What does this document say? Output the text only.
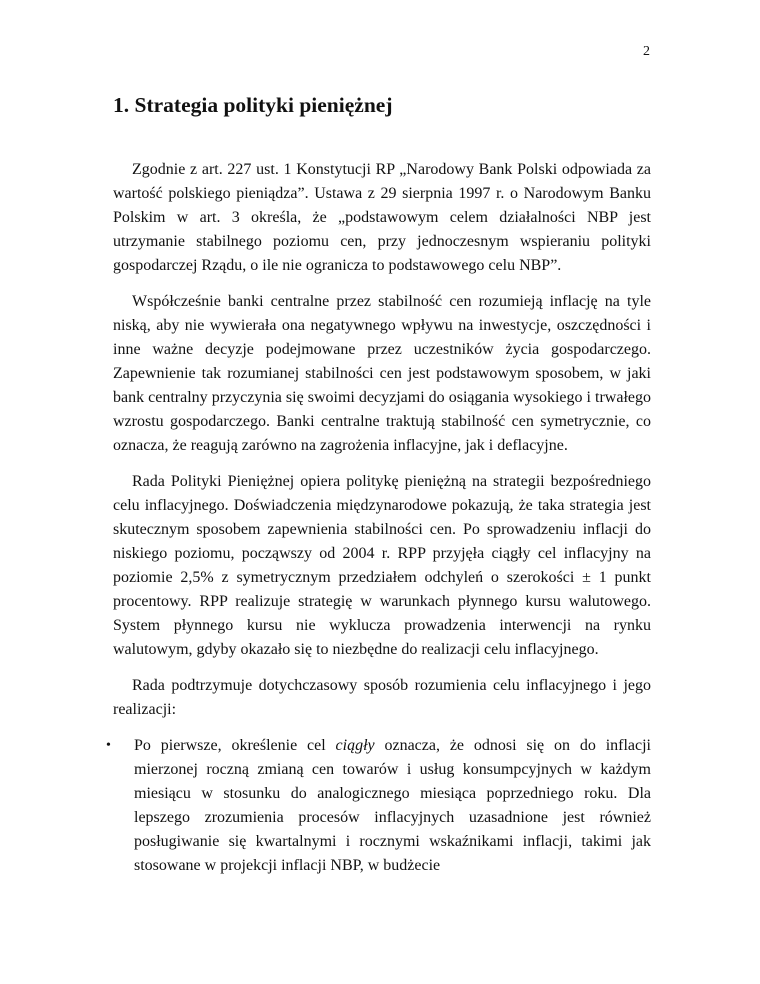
2
1. Strategia polityki pieniężnej

Zgodnie z art. 227 ust. 1 Konstytucji RP „Narodowy Bank Polski odpowiada za wartość polskiego pieniądza”. Ustawa z 29 sierpnia 1997 r. o Narodowym Banku Polskim w art. 3 określa, że „podstawowym celem działalności NBP jest utrzymanie stabilnego poziomu cen, przy jednoczesnym wspieraniu polityki gospodarczej Rządu, o ile nie ogranicza to podstawowego celu NBP”.

Współcześnie banki centralne przez stabilność cen rozumieją inflację na tyle niską, aby nie wywierała ona negatywnego wpływu na inwestycje, oszczędności i inne ważne decyzje podejmowane przez uczestników życia gospodarczego. Zapewnienie tak rozumianej stabilności cen jest podstawowym sposobem, w jaki bank centralny przyczynia się swoimi decyzjami do osiągania wysokiego i trwałego wzrostu gospodarczego. Banki centralne traktują stabilność cen symetrycznie, co oznacza, że reagują zarówno na zagrożenia inflacyjne, jak i deflacyjne.

Rada Polityki Pieniężnej opiera politykę pieniężną na strategii bezpośredniego celu inflacyjnego. Doświadczenia międzynarodowe pokazują, że taka strategia jest skutecznym sposobem zapewnienia stabilności cen. Po sprowadzeniu inflacji do niskiego poziomu, począwszy od 2004 r. RPP przyjęła ciągły cel inflacyjny na poziomie 2,5% z symetrycznym przedziałem odchyleń o szerokości ± 1 punkt procentowy. RPP realizuje strategię w warunkach płynnego kursu walutowego. System płynnego kursu nie wyklucza prowadzenia interwencji na rynku walutowym, gdyby okazało się to niezbędne do realizacji celu inflacyjnego.

Rada podtrzymuje dotychczasowy sposób rozumienia celu inflacyjnego i jego realizacji:

• Po pierwsze, określenie cel ciągły oznacza, że odnosi się on do inflacji mierzonej roczną zmianą cen towarów i usług konsumpcyjnych w każdym miesiącu w stosunku do analogicznego miesiąca poprzedniego roku. Dla lepszego zrozumienia procesów inflacyjnych uzasadnione jest również posługiwanie się kwartalnymi i rocznymi wskaźnikami inflacji, takimi jak stosowane w projekcji inflacji NBP, w budżecie
